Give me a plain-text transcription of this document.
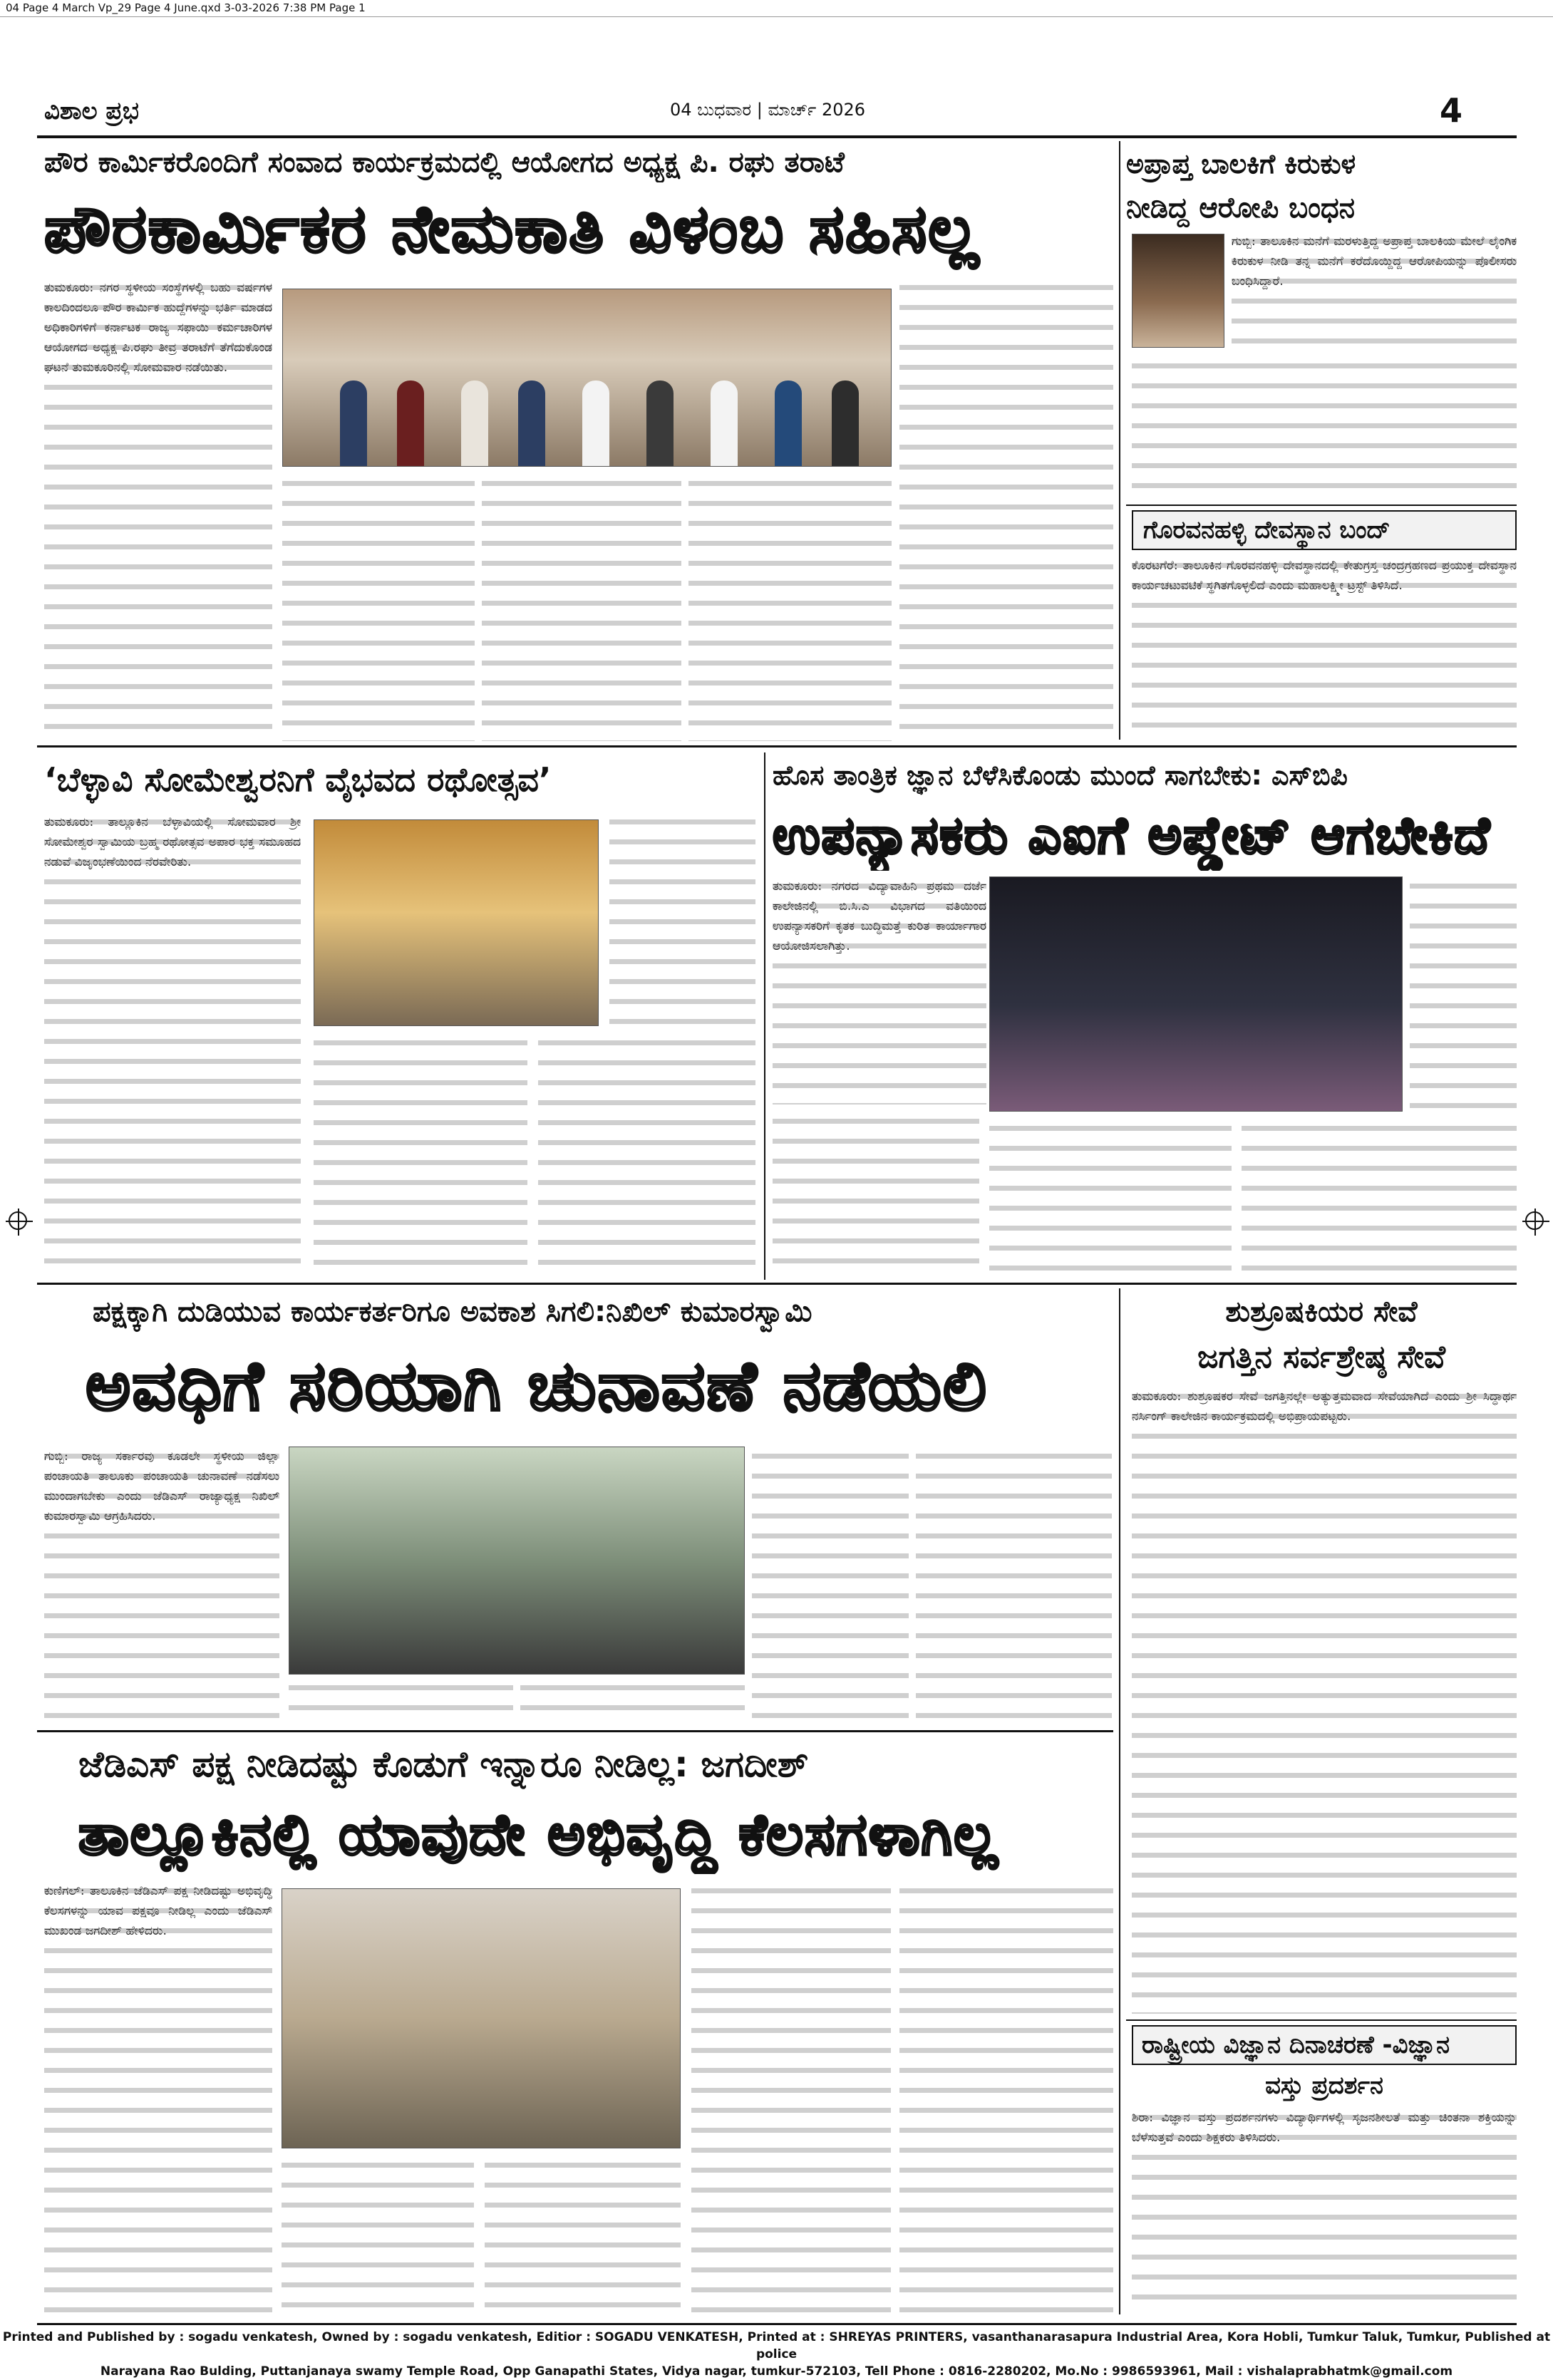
04 Page 4 March Vp_29 Page 4 June.qxd 3-03-2026 7:38 PM Page 1
ವಿಶಾಲ ಪ್ರಭ	04 ಬುಧವಾರ | ಮಾರ್ಚ್ 2026	4
ಪೌರ ಕಾರ್ಮಿಕರೊಂದಿಗೆ ಸಂವಾದ ಕಾರ್ಯಕ್ರಮದಲ್ಲಿ ಆಯೋಗದ ಅಧ್ಯಕ್ಷ ಪಿ. ರಘು ತರಾಟೆ
ಪೌರಕಾರ್ಮಿಕರ ನೇಮಕಾತಿ ವಿಳಂಬ ಸಹಿಸಲ್ಲ

ತುಮಕೂರು: ನಗರ ಸ್ಥಳೀಯ ಸಂಸ್ಥೆಗಳಲ್ಲಿ ಬಹು ವರ್ಷಗಳ ಕಾಲದಿಂದಲೂ ಪೌರ ಕಾರ್ಮಿಕ ಹುದ್ದೆಗಳನ್ನು ಭರ್ತಿ ಮಾಡದ ಅಧಿಕಾರಿಗಳಿಗೆ ಕರ್ನಾಟಕ ರಾಜ್ಯ ಸಫಾಯಿ ಕರ್ಮಚಾರಿಗಳ ಆಯೋಗದ ಅಧ್ಯಕ್ಷ ಪಿ.ರಘು ತೀವ್ರ ತರಾಟೆಗೆ ತೆಗೆದುಕೊಂಡ ಘಟನೆ ತುಮಕೂರಿನಲ್ಲಿ ಸೋಮವಾರ ನಡೆಯಿತು.

ಅಪ್ರಾಪ್ತ ಬಾಲಕಿಗೆ ಕಿರುಕುಳ
ನೀಡಿದ್ದ ಆರೋಪಿ ಬಂಧನ

ಗುಬ್ಬಿ: ತಾಲೂಕಿನ ಮನೆಗೆ ಮರಳುತ್ತಿದ್ದ ಅಪ್ರಾಪ್ತ ಬಾಲಕಿಯ ಮೇಲೆ ಲೈಂಗಿಕ ಕಿರುಕುಳ ನೀಡಿ ತನ್ನ ಮನೆಗೆ ಕರೆದೊಯ್ದಿದ್ದ ಆರೋಪಿಯನ್ನು ಪೊಲೀಸರು ಬಂಧಿಸಿದ್ದಾರೆ.

ಗೊರವನಹಳ್ಳಿ ದೇವಸ್ಥಾನ ಬಂದ್

ಕೊರಟಗೆರೆ: ತಾಲೂಕಿನ ಗೊರವನಹಳ್ಳಿ ದೇವಸ್ಥಾನದಲ್ಲಿ ಕೇತುಗ್ರಸ್ತ ಚಂದ್ರಗ್ರಹಣದ ಪ್ರಯುಕ್ತ ದೇವಸ್ಥಾನ ಕಾರ್ಯಚಟುವಟಿಕೆ ಸ್ಥಗಿತಗೊಳ್ಳಲಿದೆ ಎಂದು ಮಹಾಲಕ್ಷ್ಮೀ ಟ್ರಸ್ಟ್ ತಿಳಿಸಿದೆ.

‘ಬೆಳ್ಳಾವಿ ಸೋಮೇಶ್ವರನಿಗೆ ವೈಭವದ ರಥೋತ್ಸವ’

ತುಮಕೂರು: ತಾಲ್ಲೂಕಿನ ಬೆಳ್ಳಾವಿಯಲ್ಲಿ ಸೋಮವಾರ ಶ್ರೀ ಸೋಮೇಶ್ವರ ಸ್ವಾಮಿಯ ಬ್ರಹ್ಮ ರಥೋತ್ಸವ ಅಪಾರ ಭಕ್ತ ಸಮೂಹದ ನಡುವೆ ವಿಜೃಂಭಣೆಯಿಂದ ನೆರವೇರಿತು.

ಹೊಸ ತಾಂತ್ರಿಕ ಜ್ಞಾನ ಬೆಳೆಸಿಕೊಂಡು ಮುಂದೆ ಸಾಗಬೇಕು: ಎಸ್‌ಬಿಪಿ
ಉಪನ್ಯಾಸಕರು ಎಐಗೆ ಅಪ್ಡೇಟ್ ಆಗಬೇಕಿದೆ

ತುಮಕೂರು: ನಗರದ ವಿದ್ಯಾವಾಹಿನಿ ಪ್ರಥಮ ದರ್ಜೆ ಕಾಲೇಜಿನಲ್ಲಿ ಬಿ.ಸಿ.ಎ ವಿಭಾಗದ ವತಿಯಿಂದ ಉಪನ್ಯಾಸಕರಿಗೆ ಕೃತಕ ಬುದ್ಧಿಮತ್ತೆ ಕುರಿತ ಕಾರ್ಯಾಗಾರ ಆಯೋಜಿಸಲಾಗಿತ್ತು.

ಪಕ್ಷಕ್ಕಾಗಿ ದುಡಿಯುವ ಕಾರ್ಯಕರ್ತರಿಗೂ ಅವಕಾಶ ಸಿಗಲಿ:ನಿಖಿಲ್ ಕುಮಾರಸ್ವಾಮಿ
ಅವಧಿಗೆ ಸರಿಯಾಗಿ ಚುನಾವಣೆ ನಡೆಯಲಿ

ಗುಬ್ಬಿ: ರಾಜ್ಯ ಸರ್ಕಾರವು ಕೂಡಲೇ ಸ್ಥಳೀಯ ಜಿಲ್ಲಾ ಪಂಚಾಯತಿ ತಾಲೂಕು ಪಂಚಾಯತಿ ಚುನಾವಣೆ ನಡೆಸಲು ಮುಂದಾಗಬೇಕು ಎಂದು ಜೆಡಿಎಸ್ ರಾಜ್ಯಾಧ್ಯಕ್ಷ ನಿಖಿಲ್ ಕುಮಾರಸ್ವಾಮಿ ಆಗ್ರಹಿಸಿದರು.

ಶುಶ್ರೂಷಕಿಯರ ಸೇವೆ
ಜಗತ್ತಿನ ಸರ್ವಶ್ರೇಷ್ಠ ಸೇವೆ

ತುಮಕೂರು: ಶುಶ್ರೂಷಕರ ಸೇವೆ ಜಗತ್ತಿನಲ್ಲೇ ಅತ್ಯುತ್ತಮವಾದ ಸೇವೆಯಾಗಿದೆ ಎಂದು ಶ್ರೀ ಸಿದ್ಧಾರ್ಥ ನರ್ಸಿಂಗ್ ಕಾಲೇಜಿನ ಕಾರ್ಯಕ್ರಮದಲ್ಲಿ ಅಭಿಪ್ರಾಯಪಟ್ಟರು.

ಜೆಡಿಎಸ್ ಪಕ್ಷ ನೀಡಿದಷ್ಟು ಕೊಡುಗೆ ಇನ್ನಾರೂ ನೀಡಿಲ್ಲ: ಜಗದೀಶ್
ತಾಲ್ಲೂಕಿನಲ್ಲಿ ಯಾವುದೇ ಅಭಿವೃದ್ಧಿ ಕೆಲಸಗಳಾಗಿಲ್ಲ

ಕುಣಿಗಲ್: ತಾಲೂಕಿನ ಜೆಡಿಎಸ್ ಪಕ್ಷ ನೀಡಿದಷ್ಟು ಅಭಿವೃದ್ಧಿ ಕೆಲಸಗಳನ್ನು ಯಾವ ಪಕ್ಷವೂ ನೀಡಿಲ್ಲ ಎಂದು ಜೆಡಿಎಸ್ ಮುಖಂಡ ಜಗದೀಶ್ ಹೇಳಿದರು.

ರಾಷ್ಟ್ರೀಯ ವಿಜ್ಞಾನ ದಿನಾಚರಣೆ -ವಿಜ್ಞಾನ
ವಸ್ತು ಪ್ರದರ್ಶನ

ಶಿರಾ: ವಿಜ್ಞಾನ ವಸ್ತು ಪ್ರದರ್ಶನಗಳು ವಿದ್ಯಾರ್ಥಿಗಳಲ್ಲಿ ಸೃಜನಶೀಲತೆ ಮತ್ತು ಚಿಂತನಾ ಶಕ್ತಿಯನ್ನು ಬೆಳೆಸುತ್ತವೆ ಎಂದು ಶಿಕ್ಷಕರು ತಿಳಿಸಿದರು.

Printed and Published by : sogadu venkatesh, Owned by : sogadu venkatesh, Editior : SOGADU VENKATESH, Printed at : SHREYAS PRINTERS, vasanthanarasapura Industrial Area, Kora Hobli, Tumkur Taluk, Tumkur, Published at police
Narayana Rao Bulding, Puttanjanaya swamy Temple Road, Opp Ganapathi States, Vidya nagar, tumkur-572103, Tell Phone : 0816-2280202, Mo.No : 9986593961, Mail : vishalaprabhatmk@gmail.com
